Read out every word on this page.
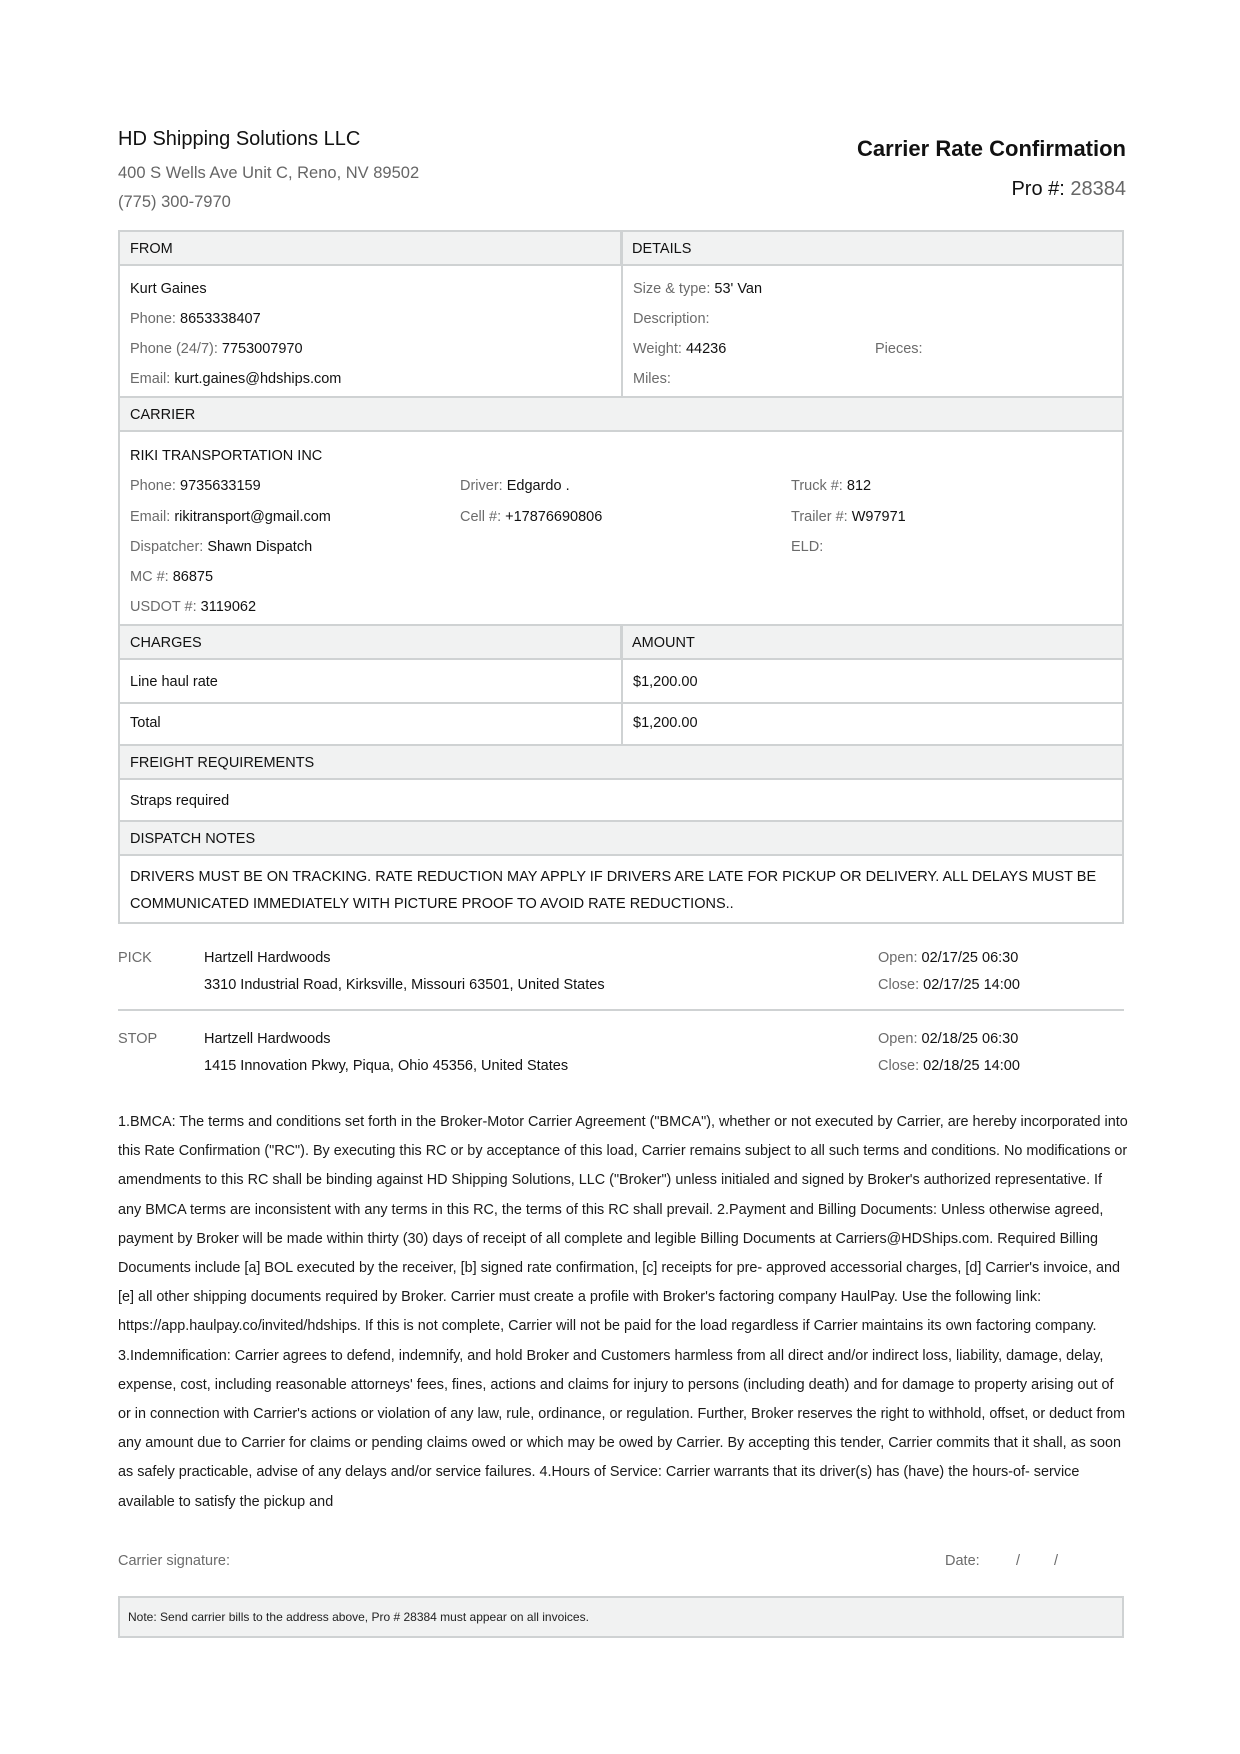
HD Shipping Solutions LLC
400 S Wells Ave Unit C, Reno, NV 89502
(775) 300-7970
Carrier Rate Confirmation
Pro #: 28384
FROM	DETAILS
Kurt Gaines
Phone: 8653338407
Phone (24/7): 7753007970
Email: kurt.gaines@hdships.com
Size & type: 53' Van
Description:
Weight: 44236	Pieces:
Miles:
CARRIER
RIKI TRANSPORTATION INC
Phone: 9735633159
Email: rikitransport@gmail.com
Dispatcher: Shawn Dispatch
MC #: 86875
USDOT #: 3119062
Driver: Edgardo .
Cell #: +17876690806
Truck #: 812
Trailer #: W97971
ELD:
CHARGES	AMOUNT
Line haul rate	$1,200.00
Total	$1,200.00
FREIGHT REQUIREMENTS
Straps required
DISPATCH NOTES
DRIVERS MUST BE ON TRACKING. RATE REDUCTION MAY APPLY IF DRIVERS ARE LATE FOR PICKUP OR DELIVERY. ALL DELAYS MUST BE
COMMUNICATED IMMEDIATELY WITH PICTURE PROOF TO AVOID RATE REDUCTIONS..
PICK	Hartzell Hardwoods
3310 Industrial Road, Kirksville, Missouri 63501, United States
Open: 02/17/25 06:30
Close: 02/17/25 14:00
STOP	Hartzell Hardwoods
1415 Innovation Pkwy, Piqua, Ohio 45356, United States
Open: 02/18/25 06:30
Close: 02/18/25 14:00
1.BMCA: The terms and conditions set forth in the Broker-Motor Carrier Agreement ("BMCA"), whether or not executed by Carrier, are hereby incorporated into this Rate Confirmation ("RC"). By executing this RC or by acceptance of this load, Carrier remains subject to all such terms and conditions. No modifications or amendments to this RC shall be binding against HD Shipping Solutions, LLC ("Broker") unless initialed and signed by Broker's authorized representative. If any BMCA terms are inconsistent with any terms in this RC, the terms of this RC shall prevail. 2.Payment and Billing Documents: Unless otherwise agreed, payment by Broker will be made within thirty (30) days of receipt of all complete and legible Billing Documents at Carriers@HDShips.com. Required Billing Documents include [a] BOL executed by the receiver, [b] signed rate confirmation, [c] receipts for pre- approved accessorial charges, [d] Carrier's invoice, and [e] all other shipping documents required by Broker. Carrier must create a profile with Broker's factoring company HaulPay. Use the following link: https://app.haulpay.co/invited/hdships. If this is not complete, Carrier will not be paid for the load regardless if Carrier maintains its own factoring company. 3.Indemnification: Carrier agrees to defend, indemnify, and hold Broker and Customers harmless from all direct and/or indirect loss, liability, damage, delay, expense, cost, including reasonable attorneys' fees, fines, actions and claims for injury to persons (including death) and for damage to property arising out of or in connection with Carrier's actions or violation of any law, rule, ordinance, or regulation. Further, Broker reserves the right to withhold, offset, or deduct from any amount due to Carrier for claims or pending claims owed or which may be owed by Carrier. By accepting this tender, Carrier commits that it shall, as soon as safely practicable, advise of any delays and/or service failures. 4.Hours of Service: Carrier warrants that its driver(s) has (have) the hours-of- service available to satisfy the pickup and
Carrier signature:	Date:	/ /
Note: Send carrier bills to the address above, Pro # 28384 must appear on all invoices.
